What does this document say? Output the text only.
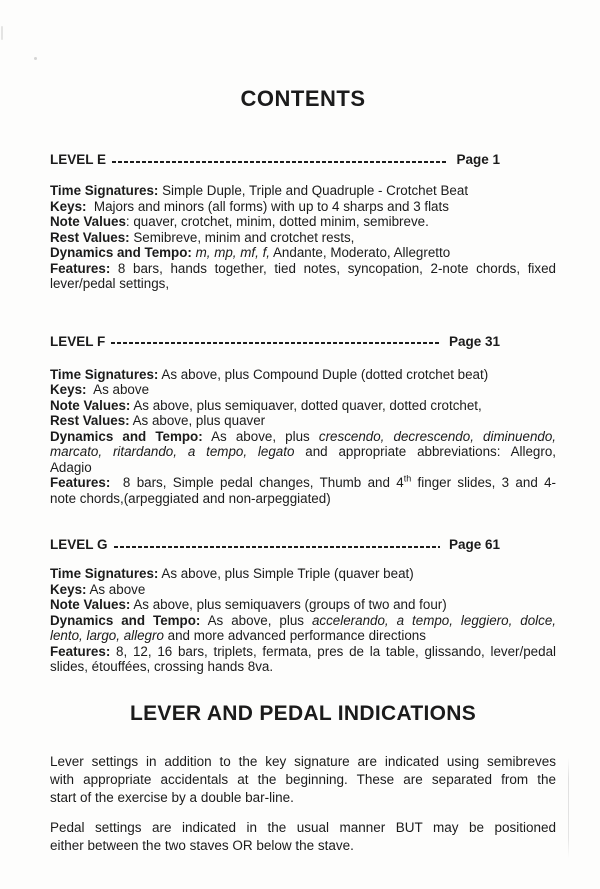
CONTENTS
LEVEL E	Page 1
Time Signatures: Simple Duple, Triple and Quadruple - Crotchet Beat
Keys:  Majors and minors (all forms) with up to 4 sharps and 3 flats
Note Values: quaver, crotchet, minim, dotted minim, semibreve.
Rest Values: Semibreve, minim and crotchet rests,
Dynamics and Tempo: m, mp, mf, f, Andante, Moderato, Allegretto
Features: 8 bars, hands together, tied notes, syncopation, 2-note chords, fixed
lever/pedal settings,
LEVEL F	Page 31
Time Signatures: As above, plus Compound Duple (dotted crotchet beat)
Keys:  As above
Note Values: As above, plus semiquaver, dotted quaver, dotted crotchet,
Rest Values: As above, plus quaver
Dynamics and Tempo: As above, plus crescendo, decrescendo, diminuendo,
marcato, ritardando, a tempo, legato and appropriate abbreviations: Allegro,
Adagio
Features:  8 bars, Simple pedal changes, Thumb and 4th finger slides, 3 and 4-
note chords,(arpeggiated and non-arpeggiated)
LEVEL G	Page 61
Time Signatures: As above, plus Simple Triple (quaver beat)
Keys: As above
Note Values: As above, plus semiquavers (groups of two and four)
Dynamics and Tempo: As above, plus accelerando, a tempo, leggiero, dolce,
lento, largo, allegro and more advanced performance directions
Features: 8, 12, 16 bars, triplets, fermata, pres de la table, glissando, lever/pedal
slides, étouffées, crossing hands 8va.
LEVER AND PEDAL INDICATIONS
Lever settings in addition to the key signature are indicated using semibreves
with appropriate accidentals at the beginning. These are separated from the
start of the exercise by a double bar-line.
Pedal settings are indicated in the usual manner BUT may be positioned
either between the two staves OR below the stave.
